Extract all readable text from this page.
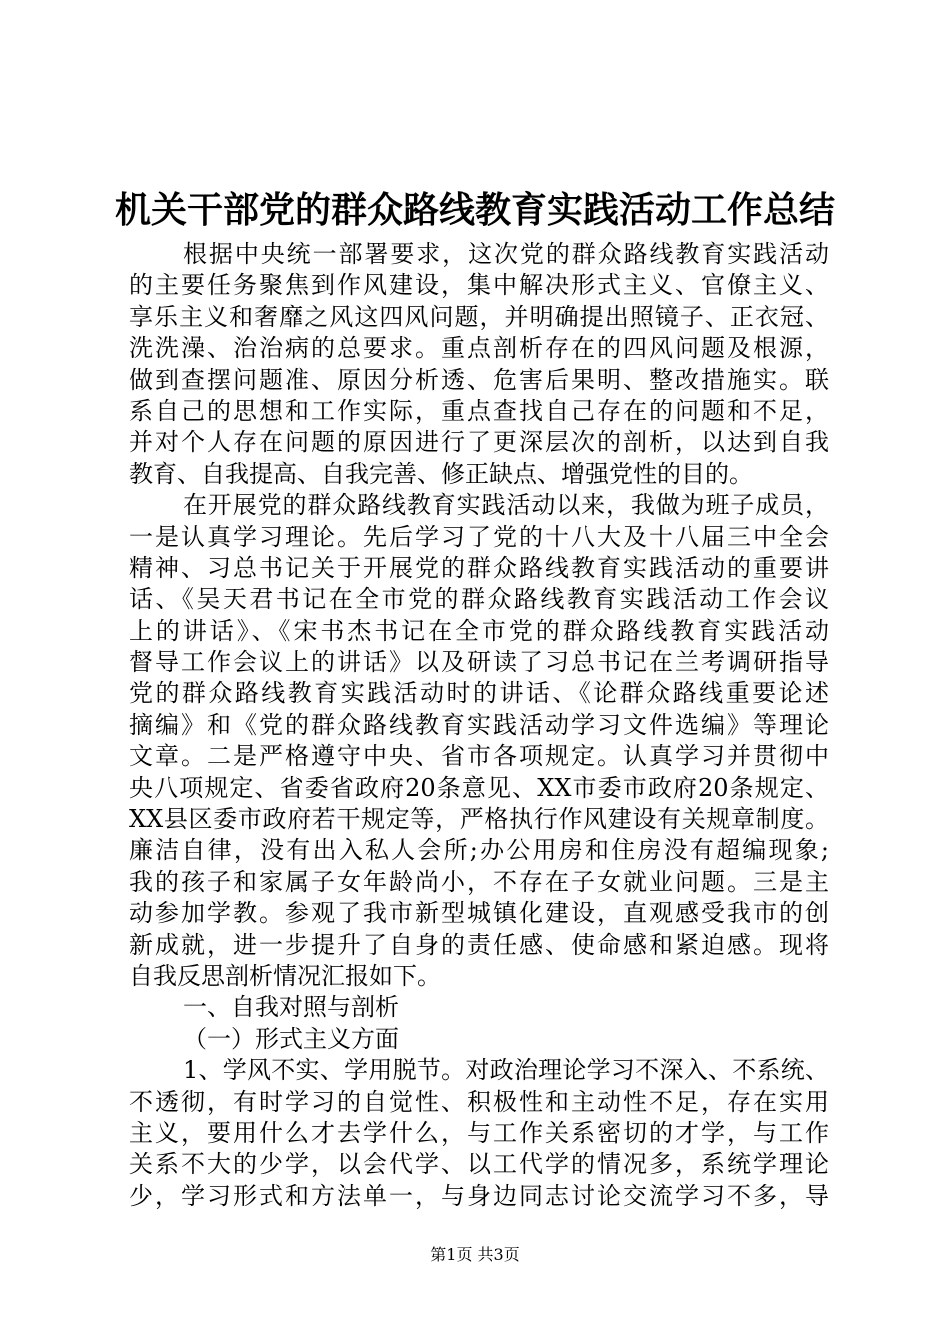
机关干部党的群众路线教育实践活动工作总结
根据中央统一部署要求，这次党的群众路线教育实践活动
的主要任务聚焦到作风建设，集中解决形式主义、官僚主义、
享乐主义和奢靡之风这四风问题，并明确提出照镜子、正衣冠、
洗洗澡、治治病的总要求。重点剖析存在的四风问题及根源，
做到查摆问题准、原因分析透、危害后果明、整改措施实。联
系自己的思想和工作实际，重点查找自己存在的问题和不足，
并对个人存在问题的原因进行了更深层次的剖析，以达到自我
教育、自我提高、自我完善、修正缺点、增强党性的目的。
在开展党的群众路线教育实践活动以来，我做为班子成员，
一是认真学习理论。先后学习了党的十八大及十八届三中全会
精神、习总书记关于开展党的群众路线教育实践活动的重要讲
话、《吴天君书记在全市党的群众路线教育实践活动工作会议
上的讲话》、《宋书杰书记在全市党的群众路线教育实践活动
督导工作会议上的讲话》以及研读了习总书记在兰考调研指导
党的群众路线教育实践活动时的讲话、《论群众路线重要论述
摘编》和《党的群众路线教育实践活动学习文件选编》等理论
文章。二是严格遵守中央、省市各项规定。认真学习并贯彻中
央八项规定、省委省政府20条意见、XX市委市政府20条规定、
XX县区委市政府若干规定等，严格执行作风建设有关规章制度。
廉洁自律，没有出入私人会所;办公用房和住房没有超编现象;
我的孩子和家属子女年龄尚小，不存在子女就业问题。三是主
动参加学教。参观了我市新型城镇化建设，直观感受我市的创
新成就，进一步提升了自身的责任感、使命感和紧迫感。现将
自我反思剖析情况汇报如下。
一、自我对照与剖析
（一）形式主义方面
1、学风不实、学用脱节。对政治理论学习不深入、不系统、
不透彻，有时学习的自觉性、积极性和主动性不足，存在实用
主义，要用什么才去学什么，与工作关系密切的才学，与工作
关系不大的少学，以会代学、以工代学的情况多，系统学理论
少，学习形式和方法单一，与身边同志讨论交流学习不多，导
第1页 共3页
